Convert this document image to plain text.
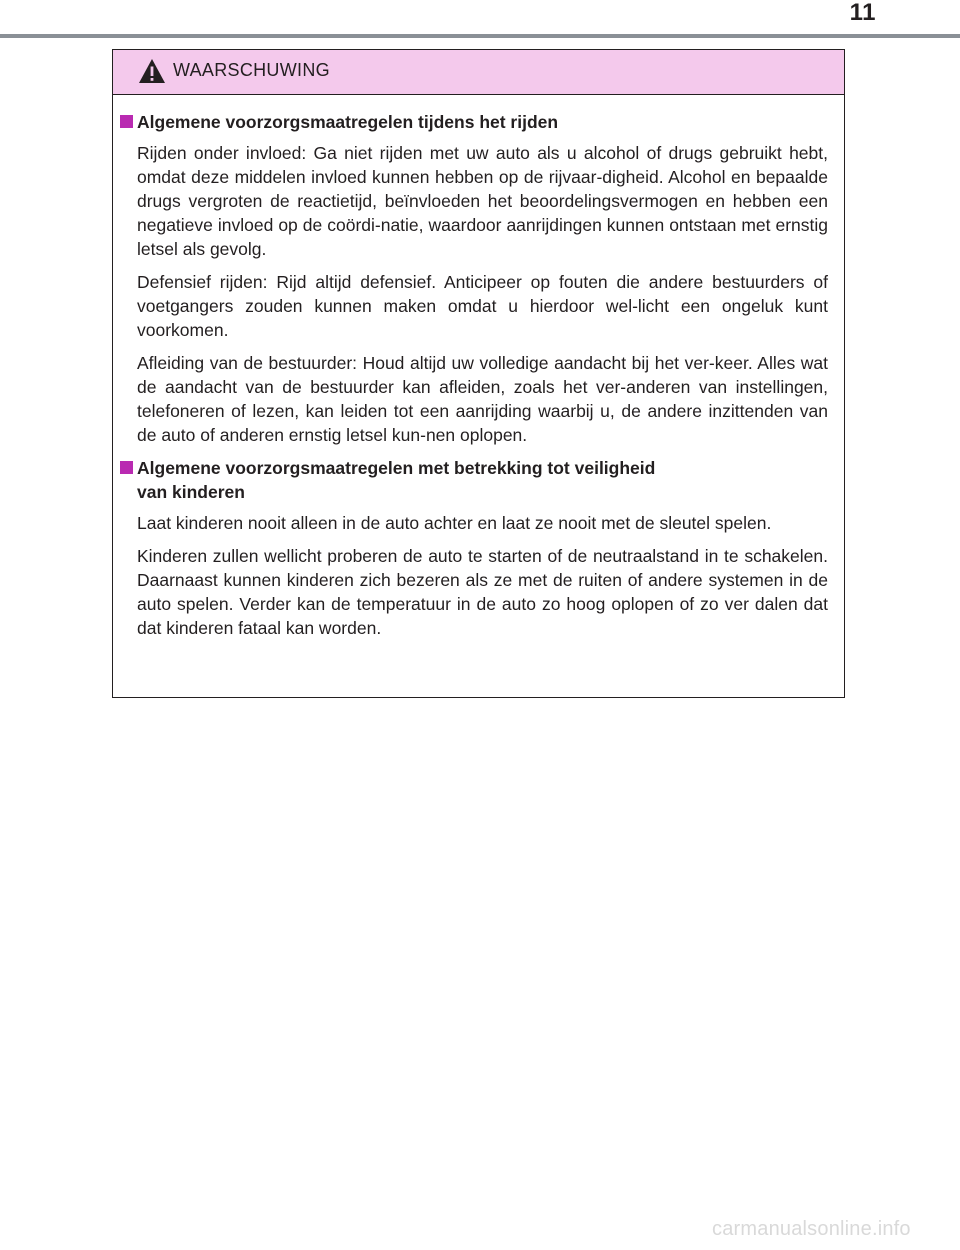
11
WAARSCHUWING
Algemene voorzorgsmaatregelen tijdens het rijden

Rijden onder invloed: Ga niet rijden met uw auto als u alcohol of drugs gebruikt hebt, omdat deze middelen invloed kunnen hebben op de rijvaar-digheid. Alcohol en bepaalde drugs vergroten de reactietijd, beïnvloeden het beoordelingsvermogen en hebben een negatieve invloed op de coördi-natie, waardoor aanrijdingen kunnen ontstaan met ernstig letsel als gevolg.

Defensief rijden: Rijd altijd defensief. Anticipeer op fouten die andere bestuurders of voetgangers zouden kunnen maken omdat u hierdoor wel-licht een ongeluk kunt voorkomen.

Afleiding van de bestuurder: Houd altijd uw volledige aandacht bij het ver-keer. Alles wat de aandacht van de bestuurder kan afleiden, zoals het ver-anderen van instellingen, telefoneren of lezen, kan leiden tot een aanrijding waarbij u, de andere inzittenden van de auto of anderen ernstig letsel kun-nen oplopen.

Algemene voorzorgsmaatregelen met betrekking tot veiligheid
van kinderen

Laat kinderen nooit alleen in de auto achter en laat ze nooit met de sleutel spelen.

Kinderen zullen wellicht proberen de auto te starten of de neutraalstand in te schakelen. Daarnaast kunnen kinderen zich bezeren als ze met de ruiten of andere systemen in de auto spelen. Verder kan de temperatuur in de auto zo hoog oplopen of zo ver dalen dat dat kinderen fataal kan worden.

carmanualsonline.info
